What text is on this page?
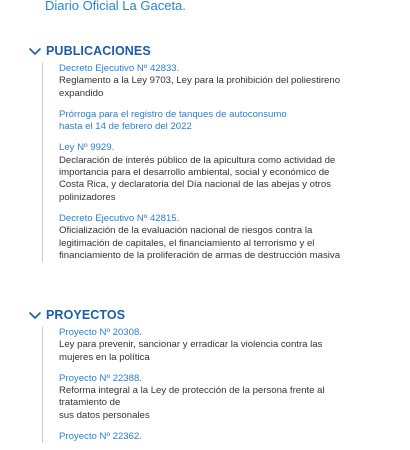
Diario Oficial La Gaceta.
PUBLICACIONES
Decreto Ejecutivo Nº 42833.
Reglamento a la Ley 9703, Ley para la prohibición del poliestireno
expandido
Prórroga para el registro de tanques de autoconsumo
hasta el 14 de febrero del 2022
Ley Nº 9929.
Declaración de interés público de la apicultura como actividad de
importancia para el desarrollo ambiental, social y económico de
Costa Rica, y declaratoria del Día nacional de las abejas y otros
polinizadores
Decreto Ejecutivo Nº 42815.
Oficialización de la evaluación nacional de riesgos contra la
legitimación de capitales, el financiamiento al terrorismo y el
financiamiento de la proliferación de armas de destrucción masiva
PROYECTOS
Proyecto Nº 20308.
Ley para prevenir, sancionar y erradicar la violencia contra las
mujeres en la política
Proyecto Nº 22388.
Reforma integral a la Ley de protección de la persona frente al
tratamiento de
sus datos personales
Proyecto Nº 22362.
